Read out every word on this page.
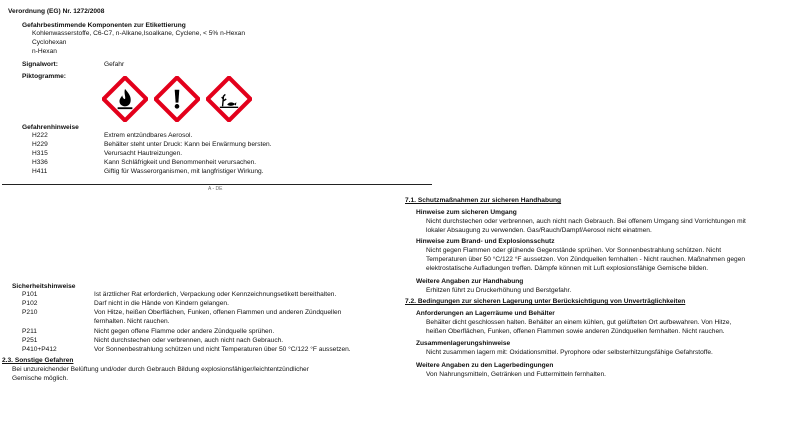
Verordnung (EG) Nr. 1272/2008
Gefahrbestimmende Komponenten zur Etikettierung
Kohlenwasserstoffe, C6-C7, n-Alkane,Isoalkane, Cyclene, < 5% n-Hexan
Cyclohexan
n-Hexan
Signalwort:	Gefahr
Piktogramme:
Gefahrenhinweise
H222	Extrem entzündbares Aerosol.
H229	Behälter steht unter Druck: Kann bei Erwärmung bersten.
H315	Verursacht Hautreizungen.
H336	Kann Schläfrigkeit und Benommenheit verursachen.
H411	Giftig für Wasserorganismen, mit langfristiger Wirkung.
A - DE
Sicherheitshinweise
P101	Ist ärztlicher Rat erforderlich, Verpackung oder Kennzeichnungsetikett bereithalten.
P102	Darf nicht in die Hände von Kindern gelangen.
P210	Von Hitze, heißen Oberflächen, Funken, offenen Flammen und anderen Zündquellen
fernhalten. Nicht rauchen.
P211	Nicht gegen offene Flamme oder andere Zündquelle sprühen.
P251	Nicht durchstechen oder verbrennen, auch nicht nach Gebrauch.
P410+P412	Vor Sonnenbestrahlung schützen und nicht Temperaturen über 50 °C/122 °F aussetzen.
2.3. Sonstige Gefahren
Bei unzureichender Belüftung und/oder durch Gebrauch Bildung explosionsfähiger/leichtentzündlicher
Gemische möglich.
7.1. Schutzmaßnahmen zur sicheren Handhabung
Hinweise zum sicheren Umgang
Nicht durchstechen oder verbrennen, auch nicht nach Gebrauch. Bei offenem Umgang sind Vorrichtungen mit
lokaler Absaugung zu verwenden. Gas/Rauch/Dampf/Aerosol nicht einatmen.
Hinweise zum Brand- und Explosionsschutz
Nicht gegen Flammen oder glühende Gegenstände sprühen. Vor Sonnenbestrahlung schützen. Nicht
Temperaturen über 50 °C/122 °F aussetzen. Von Zündquellen fernhalten - Nicht rauchen. Maßnahmen gegen
elektrostatische Aufladungen treffen. Dämpfe können mit Luft explosionsfähige Gemische bilden.
Weitere Angaben zur Handhabung
Erhitzen führt zu Druckerhöhung und Berstgefahr.
7.2. Bedingungen zur sicheren Lagerung unter Berücksichtigung von Unverträglichkeiten
Anforderungen an Lagerräume und Behälter
Behälter dicht geschlossen halten. Behälter an einem kühlen, gut gelüfteten Ort aufbewahren. Von Hitze,
heißen Oberflächen, Funken, offenen Flammen sowie anderen Zündquellen fernhalten. Nicht rauchen.
Zusammenlagerungshinweise
Nicht zusammen lagern mit: Oxidationsmittel. Pyrophore oder selbsterhitzungsfähige Gefahrstoffe.
Weitere Angaben zu den Lagerbedingungen
Von Nahrungsmitteln, Getränken und Futtermitteln fernhalten.
